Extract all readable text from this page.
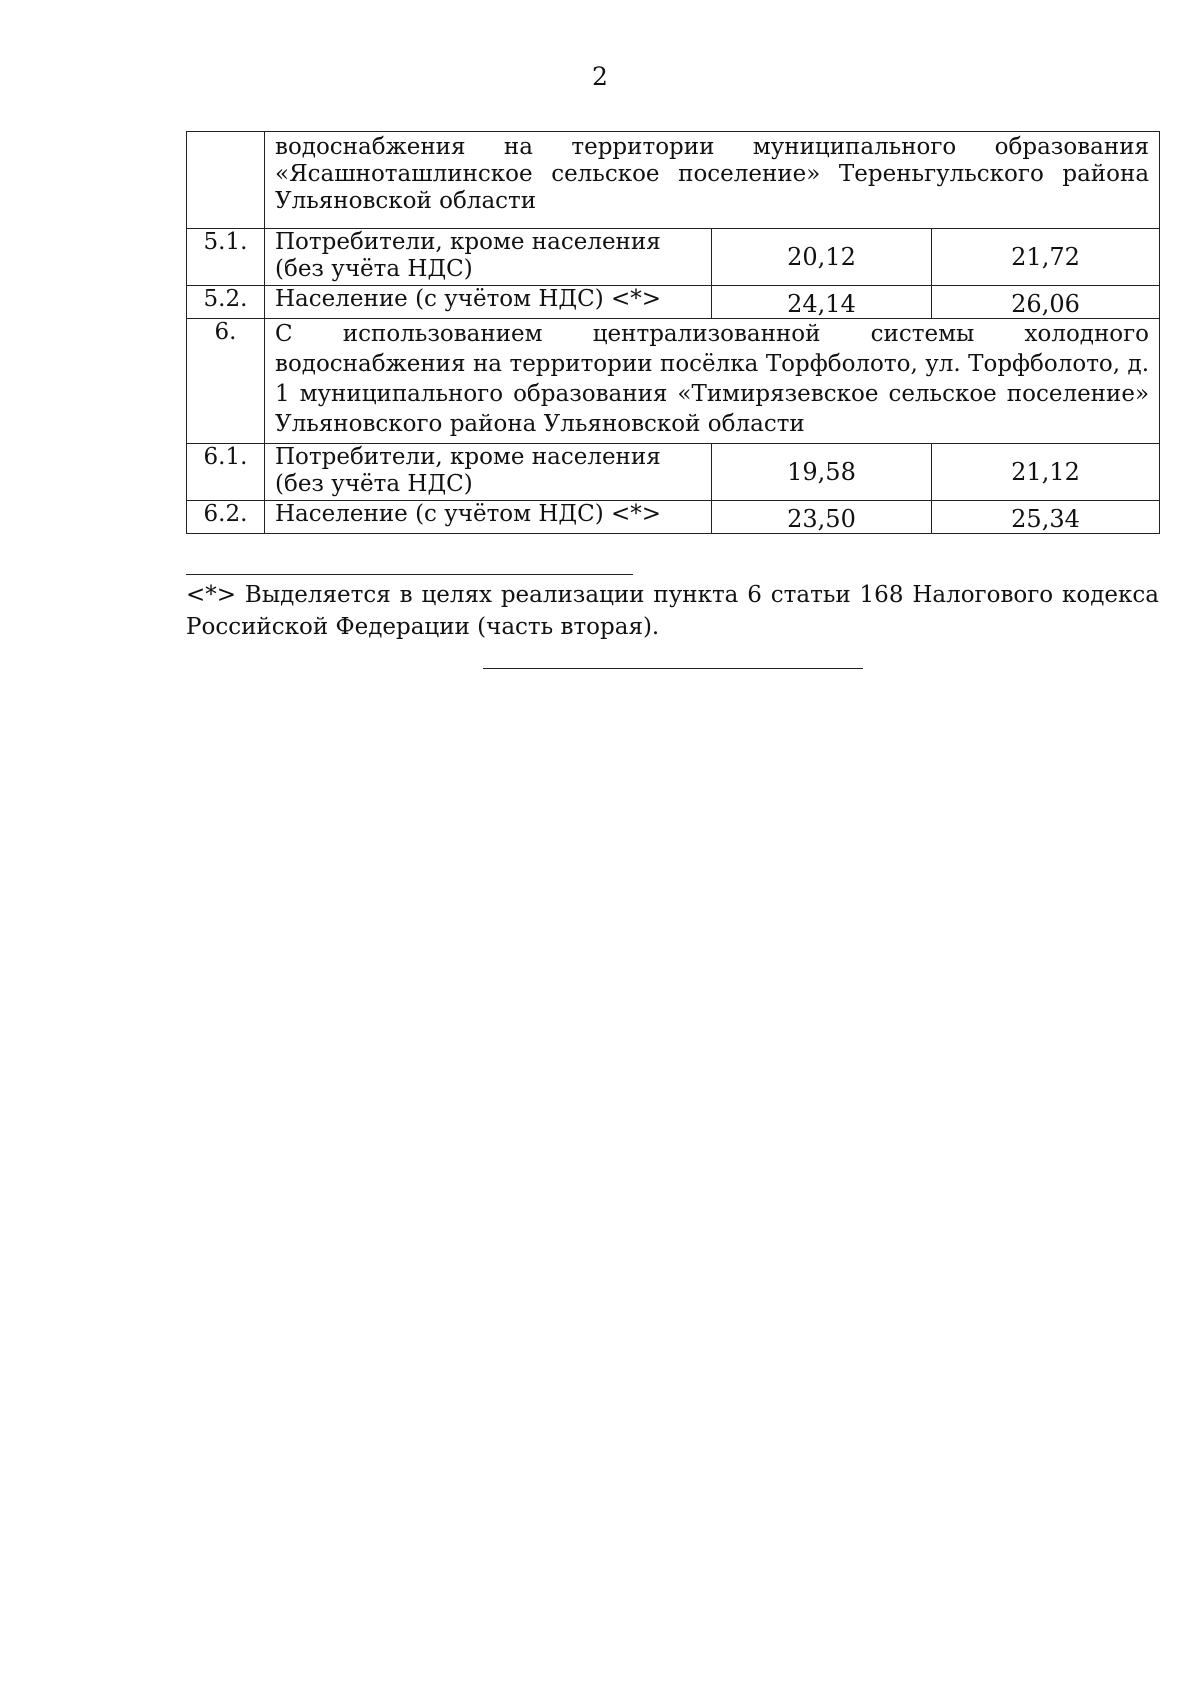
2
	водоснабжения на территории муниципального образования «Ясашноташлинское сельское поселение» Тереньгульского района Ульяновской области		
5.1.	Потребители, кроме населения (без учёта НДС)	20,12	21,72
5.2.	Население (с учётом НДС) <*>	24,14	26,06
6.	С использованием централизованной системы холодного водоснабжения на территории посёлка Торфболото, ул. Торфболото, д. 1 муниципального образования «Тимирязевское сельское поселение» Ульяновского района Ульяновской области		
6.1.	Потребители, кроме населения (без учёта НДС)	19,58	21,12
6.2.	Население (с учётом НДС) <*>	23,50	25,34
<*> Выделяется в целях реализации пункта 6 статьи 168 Налогового кодекса Российской Федерации (часть вторая).
